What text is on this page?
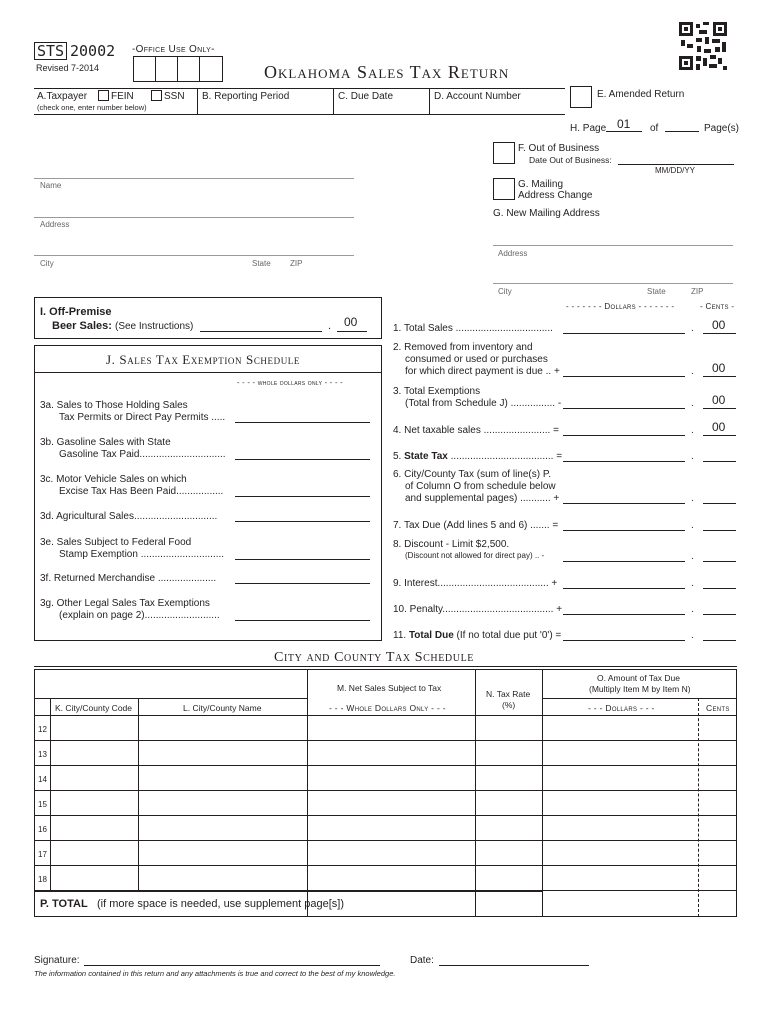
STS 20002
Revised 7-2014
-Office Use Only-
Oklahoma Sales Tax Return
A.Taxpayer FEIN	SSN
(check one, enter number below)
B. Reporting Period	C. Due Date	D. Account Number	E. Amended Return
H. Page 01 of	Page(s)
F. Out of Business
Date Out of Business:
MM/DD/YY
G. Mailing
Address Change
G. New Mailing Address
Name
Address
City	State ZIP
Address
City	State	ZIP
I. Off-Premise
Beer Sales: (See Instructions)	. 00
J. Sales Tax Exemption Schedule
- - - - whole dollars only - - - -
3a. Sales to Those Holding Sales
Tax Permits or Direct Pay Permits .....
3b. Gasoline Sales with State
Gasoline Tax Paid...............................
3c. Motor Vehicle Sales on which
Excise Tax Has Been Paid.................
3d. Agricultural Sales..............................
3e. Sales Subject to Federal Food
Stamp Exemption ..............................
3f. Returned Merchandise .....................
3g. Other Legal Sales Tax Exemptions
(explain on page 2)...........................
- - - - - - - Dollars - - - - - - -	- Cents -
1. Total Sales ...................................	. 00
2. Removed from inventory and
consumed or used or purchases
for which direct payment is due .. +	. 00
3. Total Exemptions
(Total from Schedule J) ................ -	. 00
4. Net taxable sales ........................ =	. 00
5. State Tax ..................................... =	.
6. City/County Tax (sum of line(s) P.
of Column O from schedule below
and supplemental pages) ........... +	.
7. Tax Due (Add lines 5 and 6) ....... =	.
8. Discount - Limit $2,500.
(Discount not allowed for direct pay) .. -	.
9. Interest........................................ +	.
10. Penalty........................................ +	.
11. Total Due (If no total due put '0') =	.
City and County Tax Schedule
M. Net Sales Subject to Tax
N. Tax Rate
(%)
O. Amount of Tax Due
(Multiply Item M by Item N)
K. City/County Code	L. City/County Name	- - - Whole Dollars Only - - -	- - - Dollars - - -	Cents
12
13
14
15
16
17
18
P. TOTAL (if more space is needed, use supplement page[s])
Signature:	Date:
The information contained in this return and any attachments is true and correct to the best of my knowledge.
